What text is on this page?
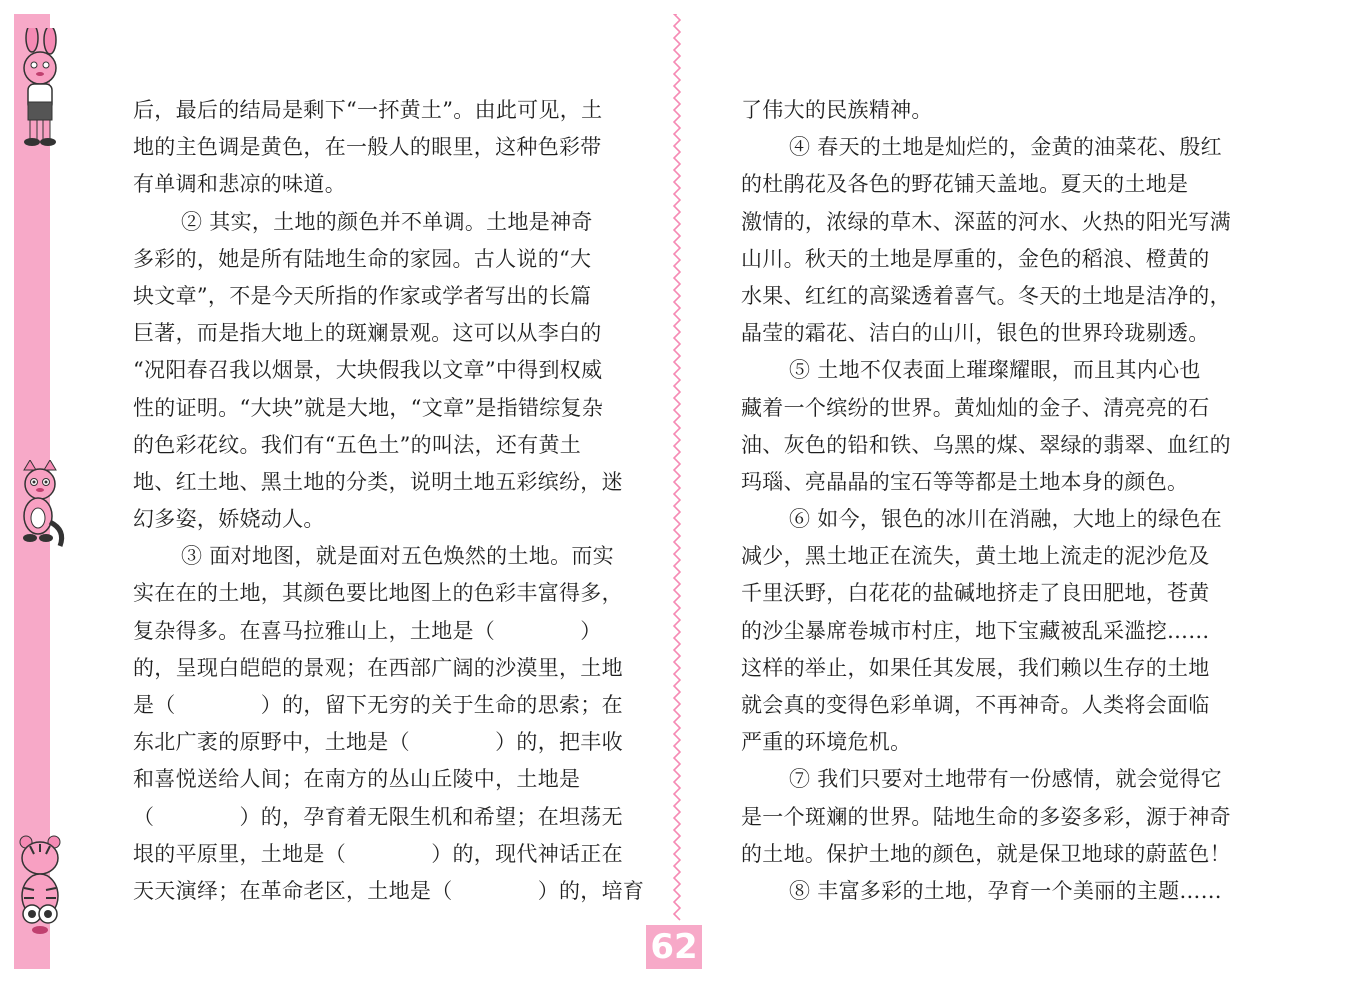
后，最后的结局是剩下“一抔黄土”。由此可见，土
地的主色调是黄色，在一般人的眼里，这种色彩带
有单调和悲凉的味道。
② 其实，土地的颜色并不单调。土地是神奇
多彩的，她是所有陆地生命的家园。古人说的“大
块文章”，不是今天所指的作家或学者写出的长篇
巨著，而是指大地上的斑斓景观。这可以从李白的
“况阳春召我以烟景，大块假我以文章”中得到权威
性的证明。“大块”就是大地，“文章”是指错综复杂
的色彩花纹。我们有“五色土”的叫法，还有黄土
地、红土地、黑土地的分类，说明土地五彩缤纷，迷
幻多姿，娇娆动人。
③ 面对地图，就是面对五色焕然的土地。而实
实在在的土地，其颜色要比地图上的色彩丰富得多，
复杂得多。在喜马拉雅山上，土地是（　　　　）
的，呈现白皑皑的景观；在西部广阔的沙漠里，土地
是（　　　　）的，留下无穷的关于生命的思索；在
东北广袤的原野中，土地是（　　　　）的，把丰收
和喜悦送给人间；在南方的丛山丘陵中，土地是
（　　　　）的，孕育着无限生机和希望；在坦荡无
垠的平原里，土地是（　　　　）的，现代神话正在
天天演绎；在革命老区，土地是（　　　　）的，培育
了伟大的民族精神。
④ 春天的土地是灿烂的，金黄的油菜花、殷红
的杜鹃花及各色的野花铺天盖地。夏天的土地是
激情的，浓绿的草木、深蓝的河水、火热的阳光写满
山川。秋天的土地是厚重的，金色的稻浪、橙黄的
水果、红红的高粱透着喜气。冬天的土地是洁净的，
晶莹的霜花、洁白的山川，银色的世界玲珑剔透。
⑤ 土地不仅表面上璀璨耀眼，而且其内心也
藏着一个缤纷的世界。黄灿灿的金子、清亮亮的石
油、灰色的铅和铁、乌黑的煤、翠绿的翡翠、血红的
玛瑙、亮晶晶的宝石等等都是土地本身的颜色。
⑥ 如今，银色的冰川在消融，大地上的绿色在
减少，黑土地正在流失，黄土地上流走的泥沙危及
千里沃野，白花花的盐碱地挤走了良田肥地，苍黄
的沙尘暴席卷城市村庄，地下宝藏被乱采滥挖……
这样的举止，如果任其发展，我们赖以生存的土地
就会真的变得色彩单调，不再神奇。人类将会面临
严重的环境危机。
⑦ 我们只要对土地带有一份感情，就会觉得它
是一个斑斓的世界。陆地生命的多姿多彩，源于神奇
的土地。保护土地的颜色，就是保卫地球的蔚蓝色！
⑧ 丰富多彩的土地，孕育一个美丽的主题……
62
